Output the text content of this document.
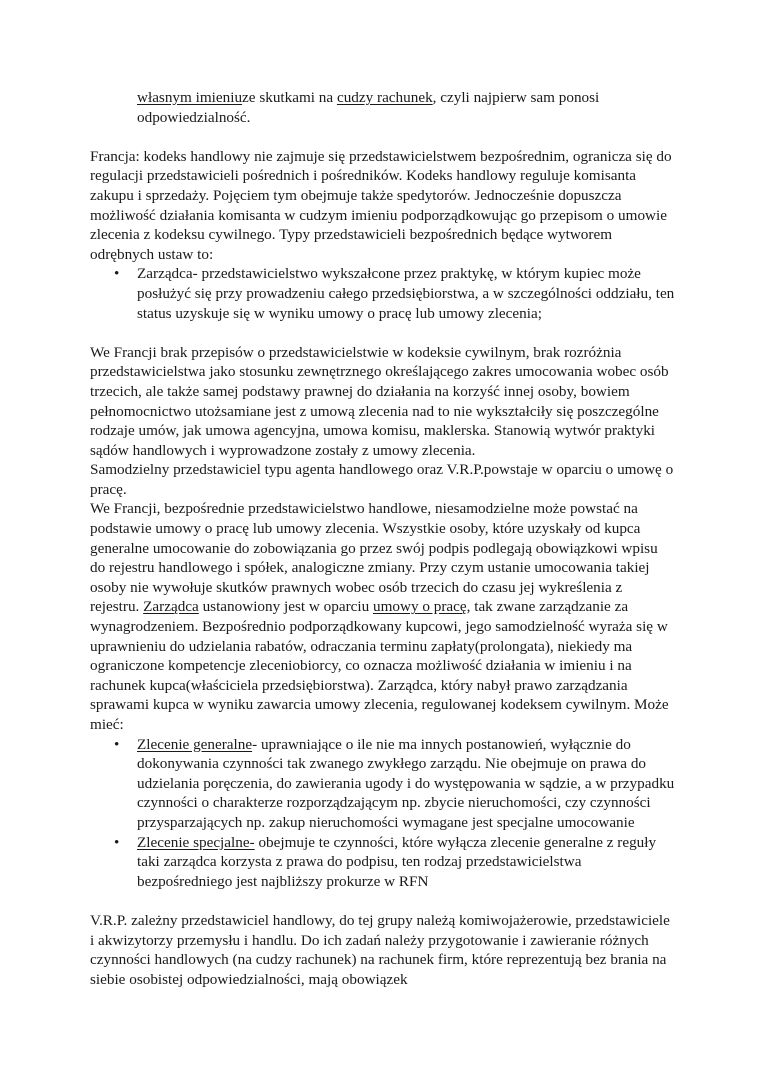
własnym imieniuze skutkami na cudzy rachunek, czyli najpierw sam ponosi odpowiedzialność.

Francja: kodeks handlowy nie zajmuje się przedstawicielstwem bezpośrednim, ogranicza się do regulacji przedstawicieli pośrednich i pośredników. Kodeks handlowy reguluje komisanta zakupu i sprzedaży. Pojęciem tym obejmuje także spedytorów. Jednocześnie dopuszcza możliwość działania komisanta w cudzym imieniu podporządkowując go przepisom o umowie zlecenia z kodeksu cywilnego. Typy przedstawicieli bezpośrednich będące wytworem odrębnych ustaw to:

• Zarządca- przedstawicielstwo wykszałcone przez praktykę, w którym kupiec może posłużyć się przy prowadzeniu całego przedsiębiorstwa, a w szczególności oddziału, ten status uzyskuje się w wyniku umowy o pracę lub umowy zlecenia;

We Francji brak przepisów o przedstawicielstwie w kodeksie cywilnym, brak rozróżnia przedstawicielstwa jako stosunku zewnętrznego określającego zakres umocowania wobec osób trzecich, ale także samej podstawy prawnej do działania na korzyść innej osoby, bowiem pełnomocnictwo utożsamiane jest z umową zlecenia nad to nie wykształciły się poszczególne rodzaje umów, jak umowa agencyjna, umowa komisu, maklerska. Stanowią wytwór praktyki sądów handlowych i wyprowadzone zostały z umowy zlecenia.

Samodzielny przedstawiciel typu agenta handlowego oraz V.R.P.powstaje w oparciu o umowę o pracę.

We Francji, bezpośrednie przedstawicielstwo handlowe, niesamodzielne może powstać na podstawie umowy o pracę lub umowy zlecenia. Wszystkie osoby, które uzyskały od kupca generalne umocowanie do zobowiązania go przez swój podpis podlegają obowiązkowi wpisu do rejestru handlowego i spółek, analogiczne zmiany. Przy czym ustanie umocowania takiej osoby nie wywołuje skutków prawnych wobec osób trzecich do czasu jej wykreślenia z rejestru. Zarządca ustanowiony jest w oparciu umowy o pracę, tak zwane zarządzanie za wynagrodzeniem. Bezpośrednio podporządkowany kupcowi, jego samodzielność wyraża się w uprawnieniu do udzielania rabatów, odraczania terminu zapłaty(prolongata), niekiedy ma ograniczone kompetencje zleceniobiorcy, co oznacza możliwość działania w imieniu i na rachunek kupca(właściciela przedsiębiorstwa). Zarządca, który nabył prawo zarządzania sprawami kupca w wyniku zawarcia umowy zlecenia, regulowanej kodeksem cywilnym. Może mieć:

• Zlecenie generalne- uprawniające o ile nie ma innych postanowień, wyłącznie do dokonywania czynności tak zwanego zwykłego zarządu. Nie obejmuje on prawa do udzielania poręczenia, do zawierania ugody i do występowania w sądzie, a w przypadku czynności o charakterze rozporządzającym np. zbycie nieruchomości, czy czynności przysparzających np. zakup nieruchomości wymagane jest specjalne umocowanie
• Zlecenie specjalne- obejmuje te czynności, które wyłącza zlecenie generalne z reguły taki zarządca korzysta z prawa do podpisu, ten rodzaj przedstawicielstwa bezpośredniego jest najbliższy prokurze w RFN

V.R.P. zależny przedstawiciel handlowy, do tej grupy należą komiwojażerowie, przedstawiciele i akwizytorzy przemysłu i handlu. Do ich zadań należy przygotowanie i zawieranie różnych czynności handlowych (na cudzy rachunek) na rachunek firm, które reprezentują bez brania na siebie osobistej odpowiedzialności, mają obowiązek
